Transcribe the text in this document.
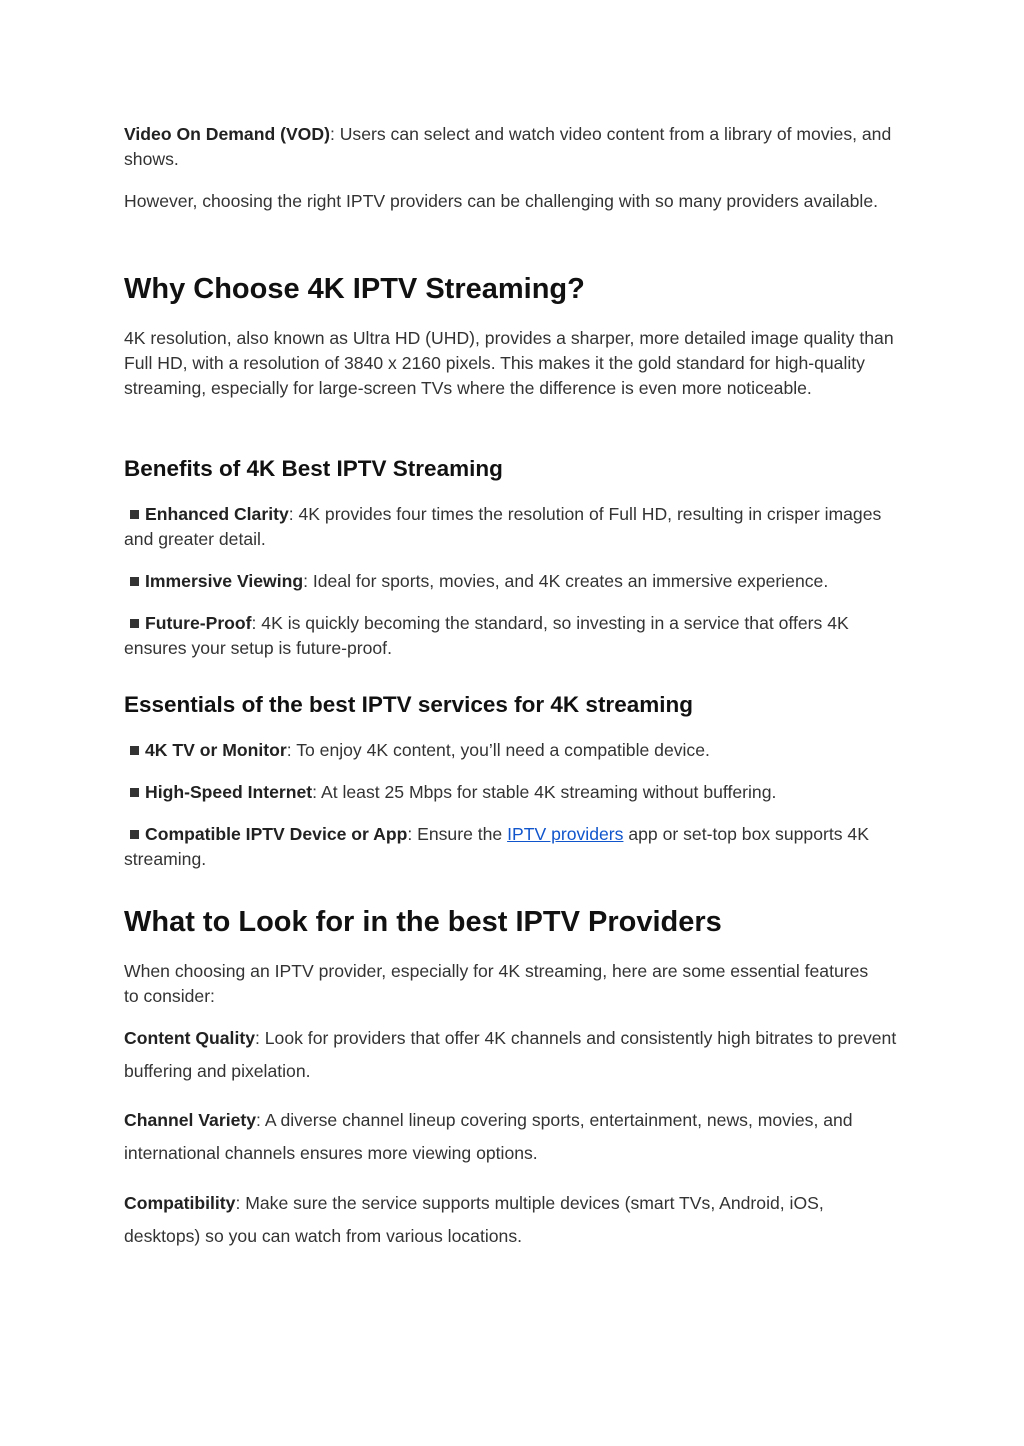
Video On Demand (VOD): Users can select and watch video content from a library of movies, and shows.

However, choosing the right IPTV providers can be challenging with so many providers available.

Why Choose 4K IPTV Streaming?

4K resolution, also known as Ultra HD (UHD), provides a sharper, more detailed image quality than Full HD, with a resolution of 3840 x 2160 pixels. This makes it the gold standard for high-quality streaming, especially for large-screen TVs where the difference is even more noticeable.

Benefits of 4K Best IPTV Streaming

Enhanced Clarity: 4K provides four times the resolution of Full HD, resulting in crisper images and greater detail.

Immersive Viewing: Ideal for sports, movies, and 4K creates an immersive experience.

Future-Proof: 4K is quickly becoming the standard, so investing in a service that offers 4K ensures your setup is future-proof.

Essentials of the best IPTV services for 4K streaming

4K TV or Monitor: To enjoy 4K content, you’ll need a compatible device.

High-Speed Internet: At least 25 Mbps for stable 4K streaming without buffering.

Compatible IPTV Device or App: Ensure the IPTV providers app or set-top box supports 4K streaming.

What to Look for in the best IPTV Providers

When choosing an IPTV provider, especially for 4K streaming, here are some essential features to consider:

Content Quality: Look for providers that offer 4K channels and consistently high bitrates to prevent buffering and pixelation.

Channel Variety: A diverse channel lineup covering sports, entertainment, news, movies, and international channels ensures more viewing options.

Compatibility: Make sure the service supports multiple devices (smart TVs, Android, iOS, desktops) so you can watch from various locations.
